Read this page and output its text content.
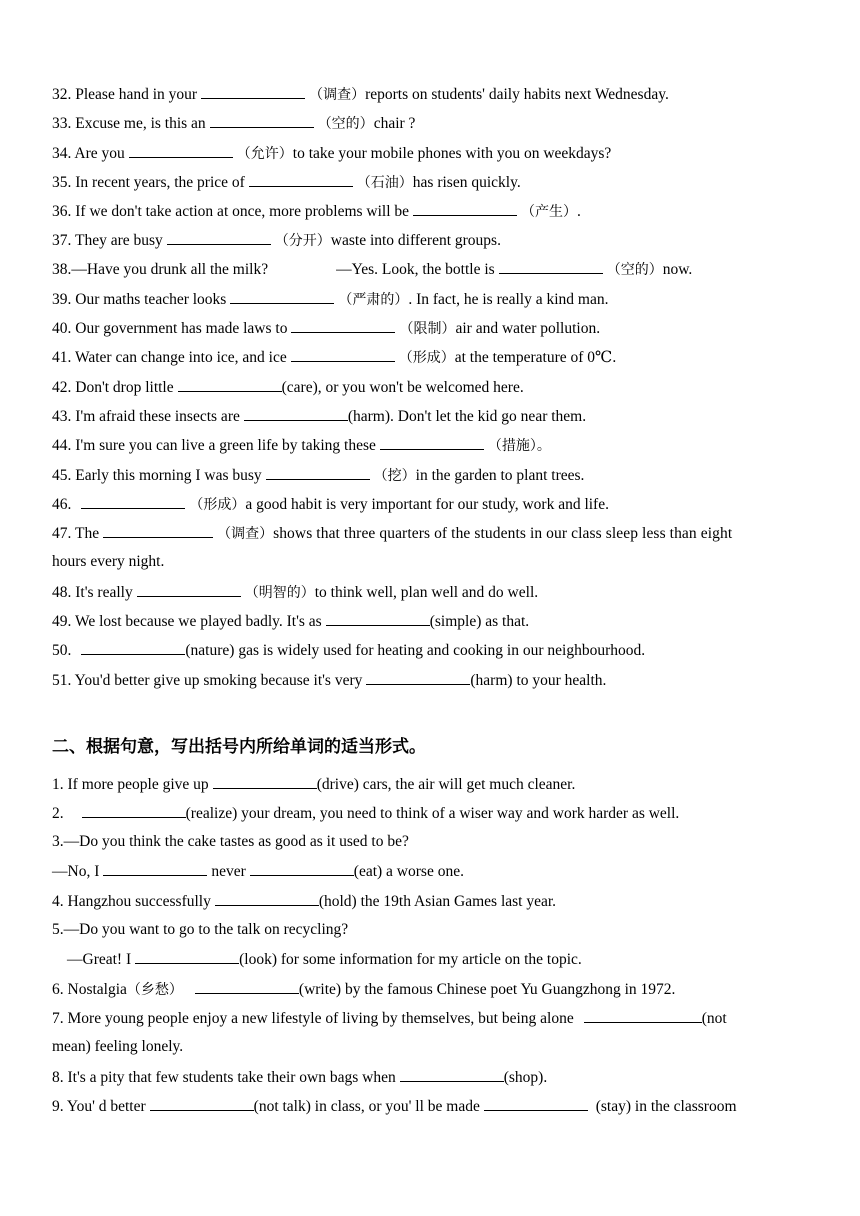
32. Please hand in your	（调查）reports on students' daily habits next Wednesday.
33. Excuse me, is this an	（空的）chair ?
34. Are you	（允许）to take your mobile phones with you on weekdays?
35. In recent years, the price of	（石油）has risen quickly.
36. If we don't take action at once, more problems will be	（产生）.
37. They are busy	（分开）waste into different groups.
38.—Have you drunk all the milk?	—Yes. Look, the bottle is	（空的）now.
39. Our maths teacher looks	（严肃的）. In fact, he is really a kind man.
40. Our government has made laws to	（限制）air and water pollution.
41. Water can change into ice, and ice	（形成）at the temperature of 0℃.
42. Don't drop little	(care), or you won't be welcomed here.
43. I'm afraid these insects are	(harm). Don't let the kid go near them.
44. I'm sure you can live a green life by taking these	（措施）。
45. Early this morning I was busy	（挖）in the garden to plant trees.
46.	（形成）a good habit is very important for our study, work and life.
47. The	（调查）shows that three quarters of the students in our class sleep less than eight
hours every night.
48. It's really	（明智的）to think well, plan well and do well.
49. We lost because we played badly. It's as	(simple) as that.
50.	(nature) gas is widely used for heating and cooking in our neighbourhood.
51. You'd better give up smoking because it's very	(harm) to your health.
二、根据句意，写出括号内所给单词的适当形式。
1. If more people give up	(drive) cars, the air will get much cleaner.
2.	(realize) your dream, you need to think of a wiser way and work harder as well.
3.—Do you think the cake tastes as good as it used to be?
—No, I	never	(eat) a worse one.
4. Hangzhou successfully	(hold) the 19th Asian Games last year.
5.—Do you want to go to the talk on recycling?
—Great! I	(look) for some information for my article on the topic.
6. Nostalgia（乡愁）	(write) by the famous Chinese poet Yu Guangzhong in 1972.
7. More young people enjoy a new lifestyle of living by themselves, but being alone	(not
mean) feeling lonely.
8. It's a pity that few students take their own bags when	(shop).
9. You' d better	(not talk) in class, or you' ll be made	(stay) in the classroom
